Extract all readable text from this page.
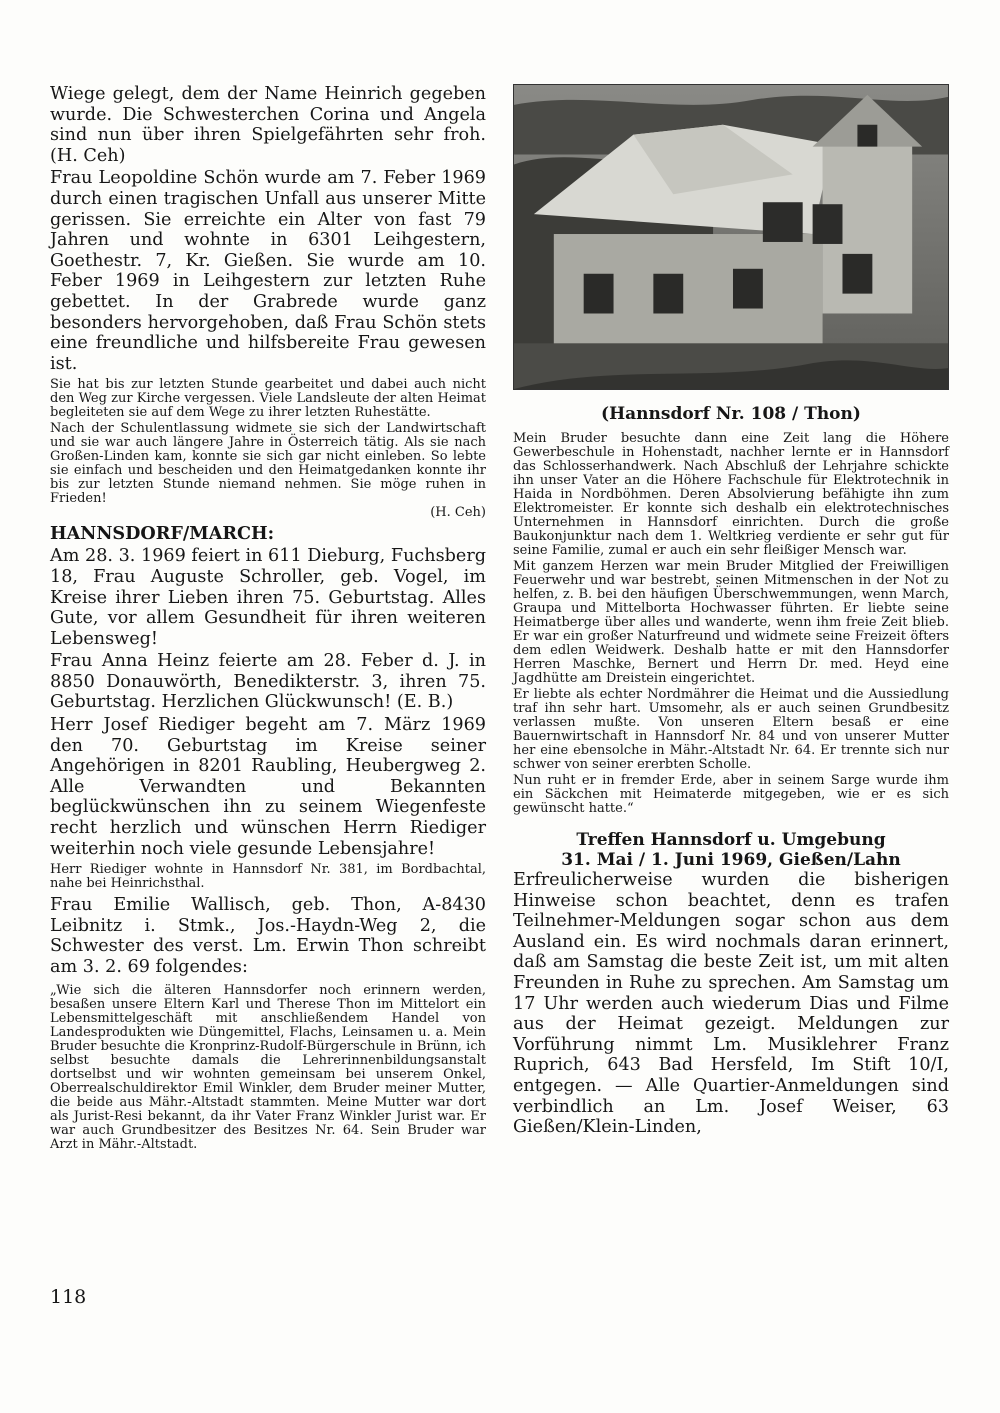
Wiege gelegt, dem der Name Heinrich gegeben wurde. Die Schwesterchen Corina und Angela sind nun über ihren Spielgefährten sehr froh. (H. Ceh)

Frau Leopoldine Schön wurde am 7. Feber 1969 durch einen tragischen Unfall aus unserer Mitte gerissen. Sie erreichte ein Alter von fast 79 Jahren und wohnte in 6301 Leihgestern, Goethestr. 7, Kr. Gießen. Sie wurde am 10. Feber 1969 in Leihgestern zur letzten Ruhe gebettet. In der Grabrede wurde ganz besonders hervorgehoben, daß Frau Schön stets eine freundliche und hilfsbereite Frau gewesen ist.

Sie hat bis zur letzten Stunde gearbeitet und dabei auch nicht den Weg zur Kirche vergessen. Viele Landsleute der alten Heimat begleiteten sie auf dem Wege zu ihrer letzten Ruhestätte.

Nach der Schulentlassung widmete sie sich der Landwirtschaft und sie war auch längere Jahre in Österreich tätig. Als sie nach Großen-Linden kam, konnte sie sich gar nicht einleben. So lebte sie einfach und bescheiden und den Heimatgedanken konnte ihr bis zur letzten Stunde niemand nehmen. Sie möge ruhen in Frieden!

(H. Ceh)

HANNSDORF/MARCH:

Am 28. 3. 1969 feiert in 611 Dieburg, Fuchsberg 18, Frau Auguste Schroller, geb. Vogel, im Kreise ihrer Lieben ihren 75. Geburtstag. Alles Gute, vor allem Gesundheit für ihren weiteren Lebensweg!

Frau Anna Heinz feierte am 28. Feber d. J. in 8850 Donauwörth, Benedikterstr. 3, ihren 75. Geburtstag. Herzlichen Glückwunsch! (E. B.)

Herr Josef Riediger begeht am 7. März 1969 den 70. Geburtstag im Kreise seiner Angehörigen in 8201 Raubling, Heubergweg 2. Alle Verwandten und Bekannten beglückwünschen ihn zu seinem Wiegenfeste recht herzlich und wünschen Herrn Riediger weiterhin noch viele gesunde Lebensjahre!

Herr Riediger wohnte in Hannsdorf Nr. 381, im Bordbachtal, nahe bei Heinrichsthal.

Frau Emilie Wallisch, geb. Thon, A-8430 Leibnitz i. Stmk., Jos.-Haydn-Weg 2, die Schwester des verst. Lm. Erwin Thon schreibt am 3. 2. 69 folgendes:

„Wie sich die älteren Hannsdorfer noch erinnern werden, besaßen unsere Eltern Karl und Therese Thon im Mittelort ein Lebensmittelgeschäft mit anschließendem Handel von Landesprodukten wie Düngemittel, Flachs, Leinsamen u. a. Mein Bruder besuchte die Kronprinz-Rudolf-Bürgerschule in Brünn, ich selbst besuchte damals die Lehrerinnenbildungsanstalt dortselbst und wir wohnten gemeinsam bei unserem Onkel, Oberrealschuldirektor Emil Winkler, dem Bruder meiner Mutter, die beide aus Mähr.-Altstadt stammten. Meine Mutter war dort als Jurist-Resi bekannt, da ihr Vater Franz Winkler Jurist war. Er war auch Grundbesitzer des Besitzes Nr. 64. Sein Bruder war Arzt in Mähr.-Altstadt.

(Hannsdorf Nr. 108 / Thon)

Mein Bruder besuchte dann eine Zeit lang die Höhere Gewerbeschule in Hohenstadt, nachher lernte er in Hannsdorf das Schlosserhandwerk. Nach Abschluß der Lehrjahre schickte ihn unser Vater an die Höhere Fachschule für Elektrotechnik in Haida in Nordböhmen. Deren Absolvierung befähigte ihn zum Elektromeister. Er konnte sich deshalb ein elektrotechnisches Unternehmen in Hannsdorf einrichten. Durch die große Baukonjunktur nach dem 1. Weltkrieg verdiente er sehr gut für seine Familie, zumal er auch ein sehr fleißiger Mensch war.

Mit ganzem Herzen war mein Bruder Mitglied der Freiwilligen Feuerwehr und war bestrebt, seinen Mitmenschen in der Not zu helfen, z. B. bei den häufigen Überschwemmungen, wenn March, Graupa und Mittelborta Hochwasser führten. Er liebte seine Heimatberge über alles und wanderte, wenn ihm freie Zeit blieb. Er war ein großer Naturfreund und widmete seine Freizeit öfters dem edlen Weidwerk. Deshalb hatte er mit den Hannsdorfer Herren Maschke, Bernert und Herrn Dr. med. Heyd eine Jagdhütte am Dreistein eingerichtet.

Er liebte als echter Nordmährer die Heimat und die Aussiedlung traf ihn sehr hart. Umsomehr, als er auch seinen Grundbesitz verlassen mußte. Von unseren Eltern besaß er eine Bauernwirtschaft in Hannsdorf Nr. 84 und von unserer Mutter her eine ebensolche in Mähr.-Altstadt Nr. 64. Er trennte sich nur schwer von seiner ererbten Scholle.

Nun ruht er in fremder Erde, aber in seinem Sarge wurde ihm ein Säckchen mit Heimaterde mitgegeben, wie er es sich gewünscht hatte.“

Treffen Hannsdorf u. Umgebung

31. Mai / 1. Juni 1969, Gießen/Lahn

Erfreulicherweise wurden die bisherigen Hinweise schon beachtet, denn es trafen Teilnehmer-Meldungen sogar schon aus dem Ausland ein. Es wird nochmals daran erinnert, daß am Samstag die beste Zeit ist, um mit alten Freunden in Ruhe zu sprechen. Am Samstag um 17 Uhr werden auch wiederum Dias und Filme aus der Heimat gezeigt. Meldungen zur Vorführung nimmt Lm. Musiklehrer Franz Ruprich, 643 Bad Hersfeld, Im Stift 10/I, entgegen. — Alle Quartier-Anmeldungen sind verbindlich an Lm. Josef Weiser, 63 Gießen/Klein-Linden,

118
